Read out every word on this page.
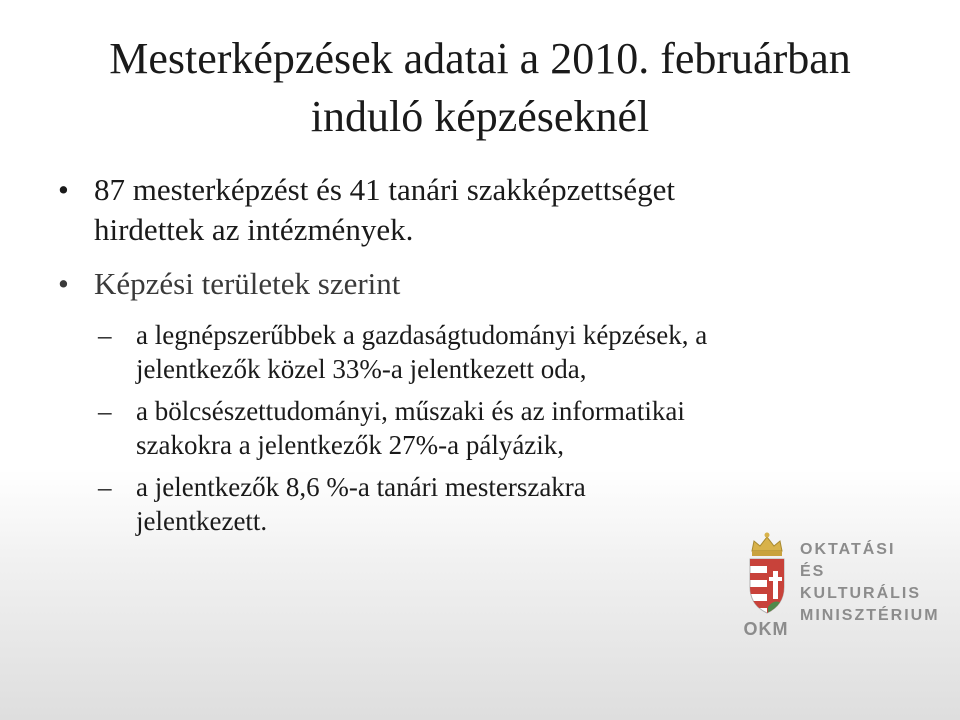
Mesterképzések adatai a 2010. februárban
induló képzéseknél
• 87 mesterképzést és 41 tanári szakképzettséget
hirdettek az intézmények.
• Képzési területek szerint
– a legnépszerűbbek a gazdaságtudományi képzések, a
jelentkezők közel 33%-a jelentkezett oda,
– a bölcsészettudományi, műszaki és az informatikai
szakokra a jelentkezők 27%-a pályázik,
– a jelentkezők 8,6 %-a tanári mesterszakra
jelentkezett.
OKTATÁSI
ÉS KULTURÁLIS
MINISZTÉRIUM
OKM
